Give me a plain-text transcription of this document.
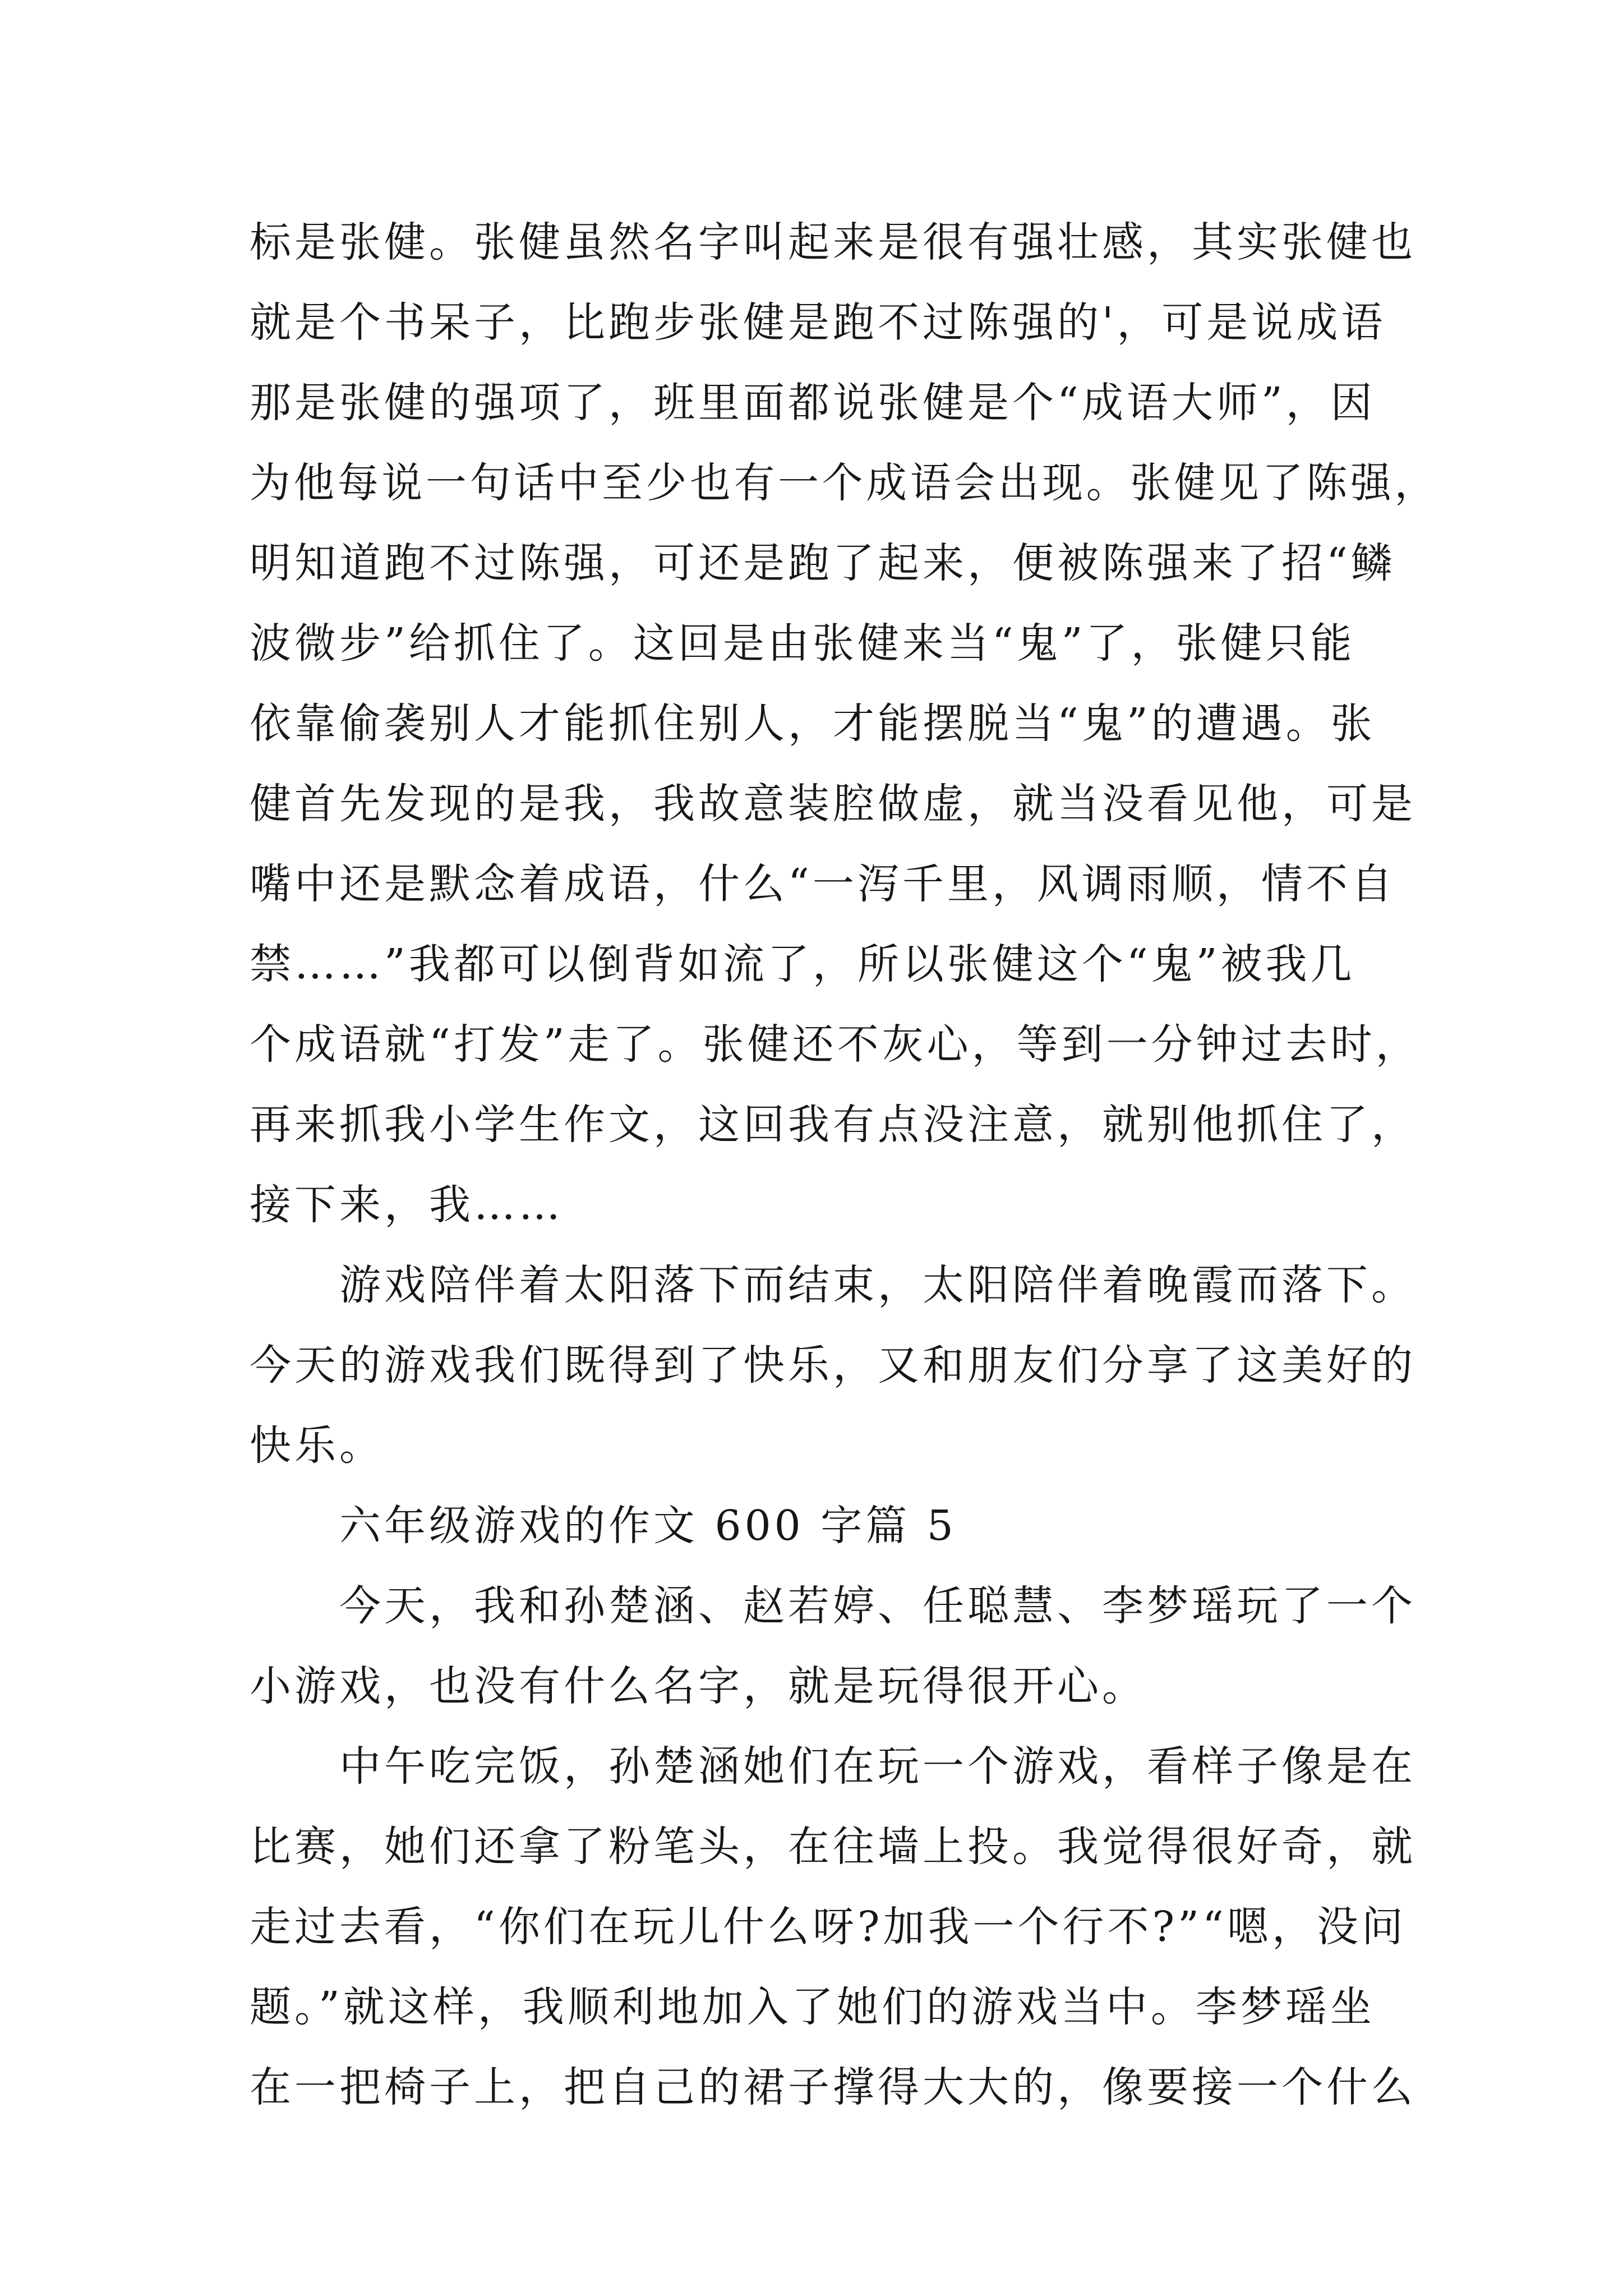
标是张健。张健虽然名字叫起来是很有强壮感，其实张健也
就是个书呆子，比跑步张健是跑不过陈强的'，可是说成语
那是张健的强项了，班里面都说张健是个“成语大师”，因
为他每说一句话中至少也有一个成语会出现。张健见了陈强，
明知道跑不过陈强，可还是跑了起来，便被陈强来了招“鳞
波微步”给抓住了。这回是由张健来当“鬼”了，张健只能
依靠偷袭别人才能抓住别人，才能摆脱当“鬼”的遭遇。张
健首先发现的是我，我故意装腔做虚，就当没看见他，可是
嘴中还是默念着成语，什么“一泻千里，风调雨顺，情不自
禁……”我都可以倒背如流了，所以张健这个“鬼”被我几
个成语就“打发”走了。张健还不灰心，等到一分钟过去时，
再来抓我小学生作文，这回我有点没注意，就别他抓住了，
接下来，我……
游戏陪伴着太阳落下而结束，太阳陪伴着晚霞而落下。
今天的游戏我们既得到了快乐，又和朋友们分享了这美好的
快乐。
六年级游戏的作文 600 字篇 5
今天，我和孙楚涵、赵若婷、任聪慧、李梦瑶玩了一个
小游戏，也没有什么名字，就是玩得很开心。
中午吃完饭，孙楚涵她们在玩一个游戏，看样子像是在
比赛，她们还拿了粉笔头，在往墙上投。我觉得很好奇，就
走过去看，“你们在玩儿什么呀?加我一个行不?”“嗯，没问
题。”就这样，我顺利地加入了她们的游戏当中。李梦瑶坐
在一把椅子上，把自己的裙子撑得大大的，像要接一个什么
